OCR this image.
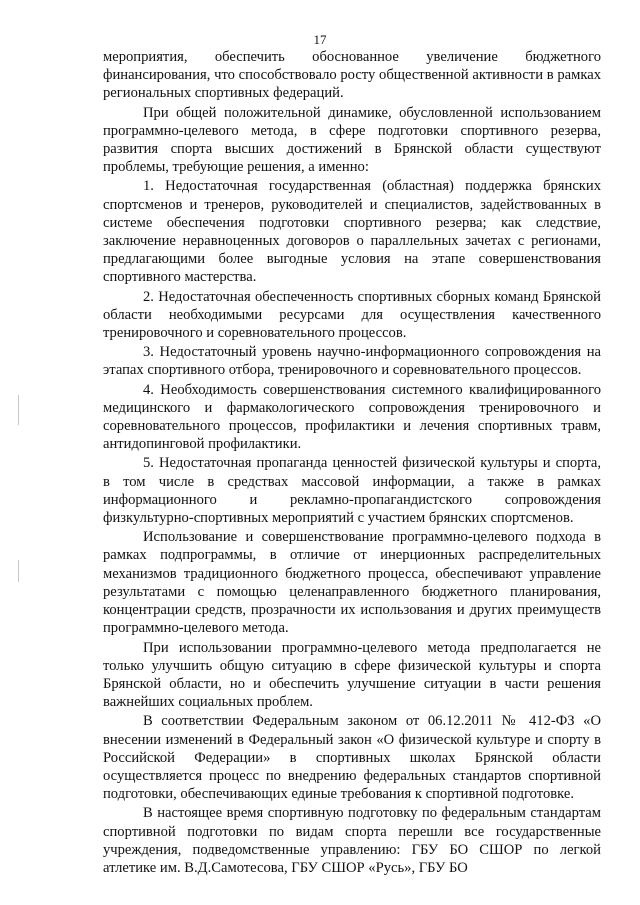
17

мероприятия, обеспечить обоснованное увеличение бюджетного финансирования, что способствовало росту общественной активности в рамках региональных спортивных федераций.

При общей положительной динамике, обусловленной использованием программно-целевого метода, в сфере подготовки спортивного резерва, развития спорта высших достижений в Брянской области существуют проблемы, требующие решения, а именно:

1. Недостаточная государственная (областная) поддержка брянских спортсменов и тренеров, руководителей и специалистов, задействованных в системе обеспечения подготовки спортивного резерва; как следствие, заключение неравноценных договоров о параллельных зачетах с регионами, предлагающими более выгодные условия на этапе совершенствования спортивного мастерства.

2. Недостаточная обеспеченность спортивных сборных команд Брянской области необходимыми ресурсами для осуществления качественного тренировочного и соревновательного процессов.

3. Недостаточный уровень научно-информационного сопровождения на этапах спортивного отбора, тренировочного и соревновательного процессов.

4. Необходимость совершенствования системного квалифицированного медицинского и фармакологического сопровождения тренировочного и соревновательного процессов, профилактики и лечения спортивных травм, антидопинговой профилактики.

5. Недостаточная пропаганда ценностей физической культуры и спорта, в том числе в средствах массовой информации, а также в рамках информационного и рекламно-пропагандистского сопровождения физкультурно-спортивных мероприятий с участием брянских спортсменов.

Использование и совершенствование программно-целевого подхода в рамках подпрограммы, в отличие от инерционных распределительных механизмов традиционного бюджетного процесса, обеспечивают управление результатами с помощью целенаправленного бюджетного планирования, концентрации средств, прозрачности их использования и других преимуществ программно-целевого метода.

При использовании программно-целевого метода предполагается не только улучшить общую ситуацию в сфере физической культуры и спорта Брянской области, но и обеспечить улучшение ситуации в части решения важнейших социальных проблем.

В соответствии Федеральным законом от 06.12.2011 № 412-ФЗ «О внесении изменений в Федеральный закон «О физической культуре и спорту в Российской Федерации» в спортивных школах Брянской области осуществляется процесс по внедрению федеральных стандартов спортивной подготовки, обеспечивающих единые требования к спортивной подготовке.

В настоящее время спортивную подготовку по федеральным стандартам спортивной подготовки по видам спорта перешли все государственные учреждения, подведомственные управлению: ГБУ БО СШОР по легкой атлетике им. В.Д.Самотесова, ГБУ СШОР «Русь», ГБУ БО
